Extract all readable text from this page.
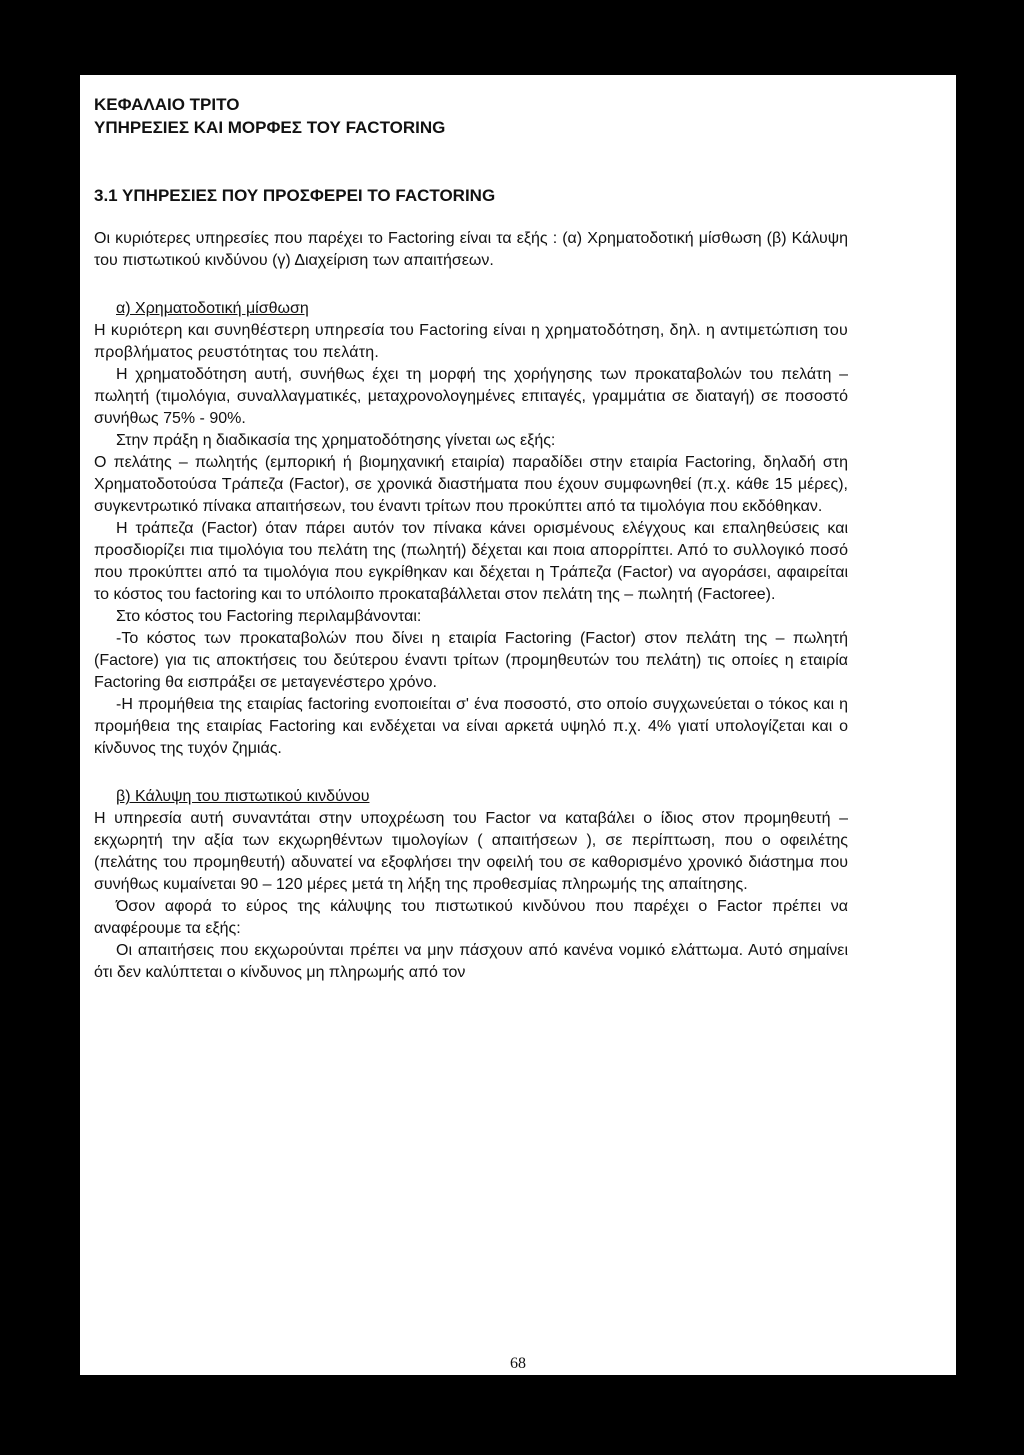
ΚΕΦΑΛΑΙΟ ΤΡΙΤΟ

ΥΠΗΡΕΣΙΕΣ ΚΑΙ ΜΟΡΦΕΣ ΤΟΥ FACTORING

3.1 ΥΠΗΡΕΣΙΕΣ ΠΟΥ ΠΡΟΣΦΕΡΕΙ ΤΟ FACTORING

Οι κυριότερες υπηρεσίες που παρέχει το Factoring είναι τα εξής : (α) Χρηματοδοτική μίσθωση (β) Κάλυψη του πιστωτικού κινδύνου (γ) Διαχείριση των απαιτήσεων.

α) Χρηματοδοτική μίσθωση

Η κυριότερη και συνηθέστερη υπηρεσία του Factoring είναι η χρηματοδότηση, δηλ. η αντιμετώπιση του προβλήματος ρευστότητας του πελάτη.

Η χρηματοδότηση αυτή, συνήθως έχει τη μορφή της χορήγησης των προκαταβολών του πελάτη – πωλητή (τιμολόγια, συναλλαγματικές, μεταχρονολογημένες επιταγές, γραμμάτια σε διαταγή) σε ποσοστό συνήθως 75% - 90%.

Στην πράξη η διαδικασία της χρηματοδότησης γίνεται ως εξής:

Ο πελάτης – πωλητής (εμπορική ή βιομηχανική εταιρία) παραδίδει στην εταιρία Factoring, δηλαδή στη Χρηματοδοτούσα Τράπεζα (Factor), σε χρονικά διαστήματα που έχουν συμφωνηθεί (π.χ. κάθε 15 μέρες), συγκεντρωτικό πίνακα απαιτήσεων, του έναντι τρίτων που προκύπτει από τα τιμολόγια που εκδόθηκαν.

Η τράπεζα (Factor) όταν πάρει αυτόν τον πίνακα κάνει ορισμένους ελέγχους και επαληθεύσεις και προσδιορίζει πια τιμολόγια του πελάτη της (πωλητή) δέχεται και ποια απορρίπτει. Από το συλλογικό ποσό που προκύπτει από τα τιμολόγια που εγκρίθηκαν και δέχεται η Τράπεζα (Factor) να αγοράσει, αφαιρείται το κόστος του factoring και το υπόλοιπο προκαταβάλλεται στον πελάτη της – πωλητή (Factoree).

Στο κόστος του Factoring περιλαμβάνονται:

-Το κόστος των προκαταβολών που δίνει η εταιρία Factoring (Factor) στον πελάτη της – πωλητή (Factore) για τις αποκτήσεις του δεύτερου έναντι τρίτων (προμηθευτών του πελάτη) τις οποίες η εταιρία Factoring θα εισπράξει σε μεταγενέστερο χρόνο.

-Η προμήθεια της εταιρίας factoring ενοποιείται σ' ένα ποσοστό, στο οποίο συγχωνεύεται ο τόκος και η προμήθεια της εταιρίας Factoring και ενδέχεται να είναι αρκετά υψηλό π.χ. 4% γιατί υπολογίζεται και ο κίνδυνος της τυχόν ζημιάς.

β) Κάλυψη του πιστωτικού κινδύνου

Η υπηρεσία αυτή συναντάται στην υποχρέωση του Factor να καταβάλει ο ίδιος στον προμηθευτή – εκχωρητή την αξία των εκχωρηθέντων τιμολογίων ( απαιτήσεων ), σε περίπτωση, που ο οφειλέτης (πελάτης του προμηθευτή) αδυνατεί να εξοφλήσει την οφειλή του σε καθορισμένο χρονικό διάστημα που συνήθως κυμαίνεται 90 – 120 μέρες μετά τη λήξη της προθεσμίας πληρωμής της απαίτησης.

Όσον αφορά το εύρος της κάλυψης του πιστωτικού κινδύνου που παρέχει ο Factor πρέπει να αναφέρουμε τα εξής:

Οι απαιτήσεις που εκχωρούνται πρέπει να μην πάσχουν από κανένα νομικό ελάττωμα. Αυτό σημαίνει ότι δεν καλύπτεται ο κίνδυνος μη πληρωμής από τον

68
